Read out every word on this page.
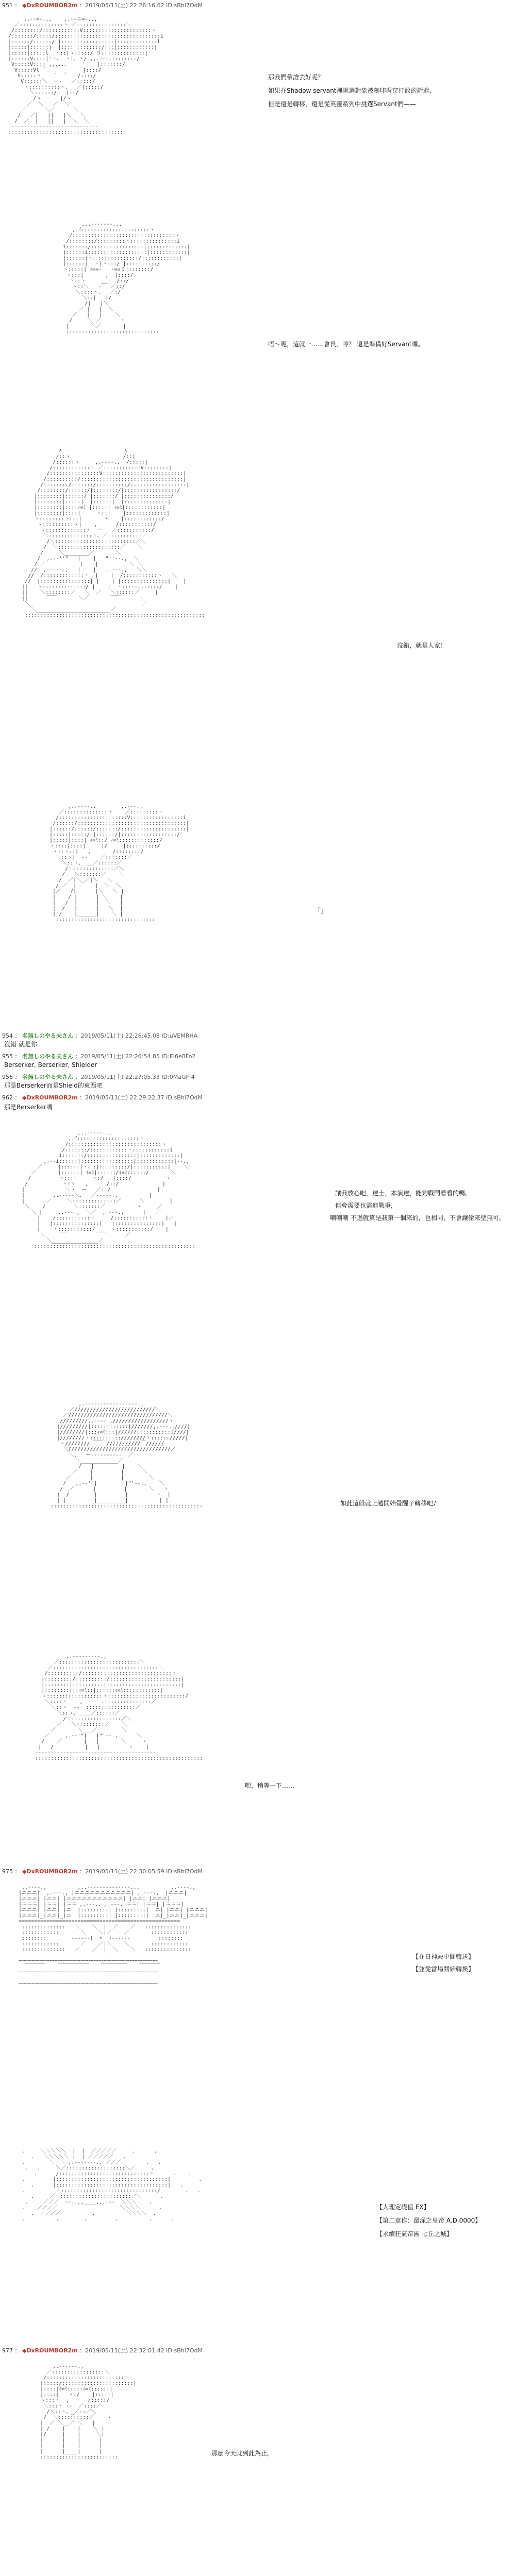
951 ： ◆DxROUMBOR2m ：2019/05/11(土) 22:26:16.62 ID:sBhl7OdM
,.--=-.,,    ,.-‐ニ=-..,
／::::::::::::::ヽ ／::::::::::::::::＼
/::::::::/::::::::::::V::::::::::::::::::::::ヽ
/:::::::/:::::/::::::|:::::::::|:::::::::::::::::i
|::::::/::::::/ |::::|:::::::::|::|:::::::::::::l
|:::::|::::::|  |::::|::::::::/|::|::::::::::::|
|:::::|:::::l  ヽ::|ヽ:::::/ リ::::::::::::::|
|::::::V::::|'ヽ、 ヽ|、ヽ/ ,,.--|:::::::::/
V:::::V:::| ,,,..、    ´ ̄   |:::::::/
V:::::Vl ´      _     |::::/
V:::::ヽ    ´  ｀   /::::/
V::::::＼  ー‐   ／:::::/
ヽ::::::::::ヽ、__／|:::::/
＼::::::/   |::/
/ヽ      |/ヽ
／  ＼   ／  ＼
／      ＼／      ＼
/   ／|   ||   |＼   ＼
/  ／  |   ||   |  ＼  ＼
----------------------------
:::::::::::::::::::::::::::::::::::::
那我們帶誰去好呢？
如果在Shadow servant裡挑選對象被刻印看穿打敗的話還，
但是還是轉移，還是從英靈系列中挑選Servant們——
,..--‐‐‐--..,
,.ｲ::::::::::::::::::::::ヽ
/:::::::::::::::::::::::::::::::::ヽ
/::::::::/:::::::::ヽ:::::::::::::::i
i:::::::/:::::::::::::::::|:::::::::::::|
|::::::i:::::::|:::::::::::|::::::::::::|
|::::::|ヽ、::|::::::::::/|:::::::::::|
|::::::|  ヽ|ヽ:::/ |::::::::::/
ヽ:::::| ｨ==‐   ‐==ミ|:::::::/
ヽ:::|       ,  |::::/
ヽ::ヽ     __   /::/
ヽ::＼   ‐   ／::/
＼::::ヽ、__／:/
＼::|   |/
/|   |＼
／ |   |  ＼
／   |   |    ＼
/     ＼ ／      ヽ
|       ＼／       |
::::::::::::::::::::::::::::::
唔～呃，這就一……會長，哼？ 還是準備好Servant囉。
∧                    ∧
/::ヽ                 /::|
/::::::ヽ     ,.-‐‐-.,  /:::::|
/::::::::::::ヽ ／::::::::::::V::::::::|
/::::::::::::::::V::::::::::::::::::::::::::|
/::::::::::/:::::::::::::::::::::::::::::::::|
/::::::::/:::::::/::::::::::/::::::::::::::::::|
/::::::::/::::::/|::::::::/|:::::::::::::::::/
|::::::::|::::::/ |:::::::/ |:::::::::::::::/
|::::::::|:::::|  |::::::|  |::::::::::::::|
|::::::::|::::ｨ=ﾐ |:::::| ｨ=ﾐ|::::::::::::|
|::::::::|::::|     ヽ::|    |:::::::::::::|
ヽ::::::::ヽ:::|       ヽ    |::::::::::::/
ヽ::::::::::ヽ|    ,      /:::::::::::/
ヽ:::::::::::::ヽ  ー   ／:::::::::::/
＼::::::::::::::ヽ、／:::::::::::／
/＼::::::::::::::::::::::::::／＼
/  ＼::::::::::::::::::::／    ＼
/     ＼________／       ＼
/  ,.-‐''"   |    |   "''‐-.,  ＼
/ ／           |    |          ＼ ＼
//  ,.-‐‐-.,   |    |   ,.-‐-.,   ＼＼
//  /:::::::::::::ヽ  |    |  /:::::::::::ヽ   ＼
//  |::::::::::::::::| |    | |:::::::::::::::|    |
||   ヽ::::::::::::::/ |    |  ヽ::::::::::::/    |
||    ＼::::::::／   ＼  ／   ＼::::::／     |
||      ￣￣       ＼／       ￣￣      |
＼                                    ／
＼________________________／
::::::::::::::::::::::::::::::::::::::::::::::::::::::::::
沒錯，就是人家！
,..-‐‐-.,        ,.-‐-.,
／::::::::::::::ヽ    ／:::::::::ヽ
/::::::::::::::::::::::V:::::::::::::::::i
/::::::/:::::::::::::::::::::::::::::::::::|
|::::::/::::::/:::::::/:::::::::::::::::::::|
|:::::|:::::/ |::::::/|::::::::::::::::::/
|:::::|::::| ｨ=ﾐ::/ ｨ=ﾐ:::::::::::::/
ヽ::::|::::|     |/     |::::::::::/
ヽ::ヽ::|   ,       /::::::::/
＼::ヽ|  ‐‐    ／:::::::／
＼::ヽ、 __／::::::／
/＼:::::::::::::／＼
/   ＼:::::::／    ＼
/  ／|＼_／|＼   ＼
/ ／  |      |  ＼  ＼
|／   /|      |＼   ＼ |
|    / |      | ＼    |
|   /  |      |  ＼   |
|  /   |      |   ＼  |
| /    |______|    ＼ |
::::::::::::::::::::::::::::::::
「」
954 ： 名無しのやる夫さん ：2019/05/11(土) 22:26:45.08 ID:uVEMRHA
沒錯 就是你
955 ： 名無しのやる夫さん ：2019/05/11(土) 22:26:54.85 ID:EI6e8Fo2
Berserker, Berserker, Shielder
956 ： 名無しのやる夫さん ：2019/05/11(土) 22:27:05.33 ID:0MaGFf4
那是Berserker而是Shield的東西吧
962 ： ◆DxROUMBOR2m ：2019/05/11(土) 22:29:22.37 ID:sBhl7OdM
那是Berserker嗎
,..-‐‐‐-..,
,.ｲ::::::::::::::::::::ヽ
/::::::::::::::::::::::::::::::ヽ
/:::::::/::::::::::::ヽ::::::::::::i
i:::::::/::::::::::::::::|:::::::::::::|
,.-‐i::::::|:::::::|:::::::::|::::::::::::|‐-.,
／     |::::::|ヽ、:|:::::::::/|:::::::::::|    ＼
／       |::::::| ｨ=ﾐ|::::::/ｨ=ﾐ::::::/       ＼
/         ヽ:::|     ヽ:/   |::::/           ヽ
/           ヽ:ヽ   ,      /::/              |
|             ＼ヽ  ー   ／::/               |
|         ,.-‐‐‐‐＼、__／‐‐‐‐-.,          |
|       ／     ＼::::::::::::::／      ＼        |
＼    /         ＼:::::::／          ヽ     ／
＼ |     ,.-‐-.,  ＼／  ,.-‐-.,      |   ／
|    /:::::::::::ヽ     /:::::::::::ヽ    |／
|   |:::::::::::::::|   |:::::::::::::::|   |
|    ヽ:::::::::::/     ヽ:::::::::::/    |
＼    ￣￣         ￣￣      ／
＼_______________／
::::::::::::::::::::::::::::::::::::::::::::::::::::
讓我放心吧，達士，本演達，能夠戰鬥看看的嗎。
但會需要也需進戰爭，
喇喇喇 不過就算是我第一個來的，也相同，不會讓偷來壁無可。
,.-‐‐‐‐‐‐‐‐‐‐‐‐‐‐‐-.,
／//////////////////////////＼
／////////////////////////////////＼
/////////,.-‐‐-.,//////////////////ヽ
|/////////|::::::::::::|///////,.-‐-.,////|
|////////|:::ｨ=ﾐ:::|//////|::::::::::|////|
|////////ヽ::::::::::////////ヽ:::::://///|
ヽ//////// ￣￣ ///////////￣//////
＼/////////////////////////////////／
＼、  ー‐‐‐‐‐‐‐‐‐‐  ／
＼____________／
/   |         |    ＼
／    |         |      ＼
／      |         |        ＼
/   ,.-‐'"|         |"'‐-.,    ＼
/  ／      |         |       ＼   ヽ
|  /        |         |         ヽ  |
| |         |_________|          | |
:::::::::::::::::::::::::::::::::::::::::::::::::	如此這般就上越開始覺醒子轉移吧♪
,.-‐‐‐‐‐‐‐-.,
／::::::::::::::::::::::::::＼
／::::::::::::::::::::::::::::::::::＼
/::::::::::/:::::::::::::::::::::::::::::ヽ
|:::::::::/::::::::::/:::::::::::::::::::::::|
|::::::::|::::::::::|::::::::::::::::::::::::|
|::::::::|::ｨ=ﾐ::|::::::ｨ=ﾐ::::::::::::|
ヽ:::::::|::::::::::ヽ:::::::::::::::::::::::::/
＼::::ヽ    ,      ::::::::::::::::／
＼::ヽ  ‐‐  ::::::::::::::::／
＼::ヽ、____／::::::／
/＼::::::::::::::::／＼
／   ＼:::::::::／    ＼
／       ＼___／        ＼
／     ,.-‐'"|   |"'‐-.,      ＼
/    ／       |   |       ＼     ヽ
|   /          |   |         ヽ    |
---------------------------------------
::::::::::::::::::::::::::::::::::::::::::::::::::::::
嗯，稍等一下……
975 ： ◆DxROUMBOR2m ：2019/05/11(土) 22:30:05.59 ID:sBhl7OdM
,.-‐‐-.,          ,..-‐‐‐‐‐‐‐‐‐‐‐‐‐..,          ,.-‐‐-.,
|ニニニ|  ,.-‐-., |ニニニニニニニニニニニ| ,.-‐-.,  |ニニニ|
|ニニニ| |ニニ| |ニニニニニニニニニニニ| |ニニ| |ニニニ|
|ニニニ| |ニニ| |ニニ ,.-‐-., ,.-‐-. ニニ| |ニニ| |ニニニ|
|ニニニ| |ニニ| |ニ  |:::::::::| |:::::::::|  ニ| |ニニ| |ニニニ|
|ニニニ|_|ニニ|_|ニ  |:::::::::| |:::::::::|  ニ|_|ニニ|_|ニニニ|
====================================================
::::::::::::::   ＼    ＼  |  ／    ／   :::::::::::::::
::::::::::::       ＼    ＼|／    ／       ::::::::::::
::::::::        ‐‐‐‐‐‐(  ☀  )‐‐‐‐‐‐         ::::::::
::::::::::::       ／    ／|＼    ＼       ::::::::::::
::::::::::::::   ／    ／  |  ＼    ＼   :::::::::::::::
____________________________________________________
ｰｰｰｰｰｰｰｰｰｰｰｰｰｰｰｰｰｰｰｰｰｰｰｰｰｰｰｰｰｰｰｰｰｰｰｰｰｰｰｰｰｰｰｰｰｰｰｰｰｰｰｰｰｰ
￣￣￣￣    ￣￣￣￣￣￣    ￣￣￣￣￣    ￣￣￣￣
ｰｰｰｰｰｰｰｰｰｰｰｰｰｰｰｰｰｰｰｰｰｰｰｰｰｰｰｰｰｰｰｰｰｰｰｰｰｰｰｰｰｰｰｰｰｰｰｰｰｰｰｰｰｰ
￣￣￣      ￣￣￣￣      ￣￣￣￣      ￣￣
ｰｰｰｰｰｰｰｰｰｰｰｰｰｰｰｰｰｰｰｰｰｰｰｰｰｰｰｰｰｰｰｰｰｰｰｰｰｰｰｰｰｰｰｰｰｰｰｰｰｰｰｰｰｰ
【在日神殿中間轉送】
【並從當場開始轉換】
.     ＼＼＼＼＼  |  |  ／／／／／     .      .
.   ＼＼＼＼＼ |  | ／／／／／   .
.        ＼＼＼ ,.-‐‐‐‐‐-., ／／／        .   .
.   .     ＼／:::::::::::::::::::＼／     .
.      /:::::::::::::::::::::::::::::ヽ      .    .
.         |::::::::::::::::::::::::::::::::::::|         .
.      |::::::::::::::::::::::::::::::::::::|   .
.          ヽ:::::::::::::::::::::::::::::::/        .   .
.     ／＼:::::::::::::::::::::::／＼      .
.     ／／／  ‐-..,,____,,..-‐  ＼＼＼    .
.    ／／／／                    ＼＼＼＼      .
.  ／／／／          .          ＼＼＼＼  .
.          .        .         .          .      .
【人理定礎值 EX】
【第二章作：最深之皇帝 A.D.0000】
【永續狂氣帝國 七丘之城】
977 ： ◆DxROUMBOR2m ：2019/05/11(土) 22:32:01.42 ID:sBhl7OdM
,.-‐‐‐‐-.,
／:::::::::::::::::＼
/:::::::::::::::::::::::::ヽ
|:::::/:::::::::::::::::::::::|
|::::|ｨ=ﾐ:::::ｨ=ﾐ::::::|
|::::|   ヽ:/    |:::::|
ヽ:::ヽ  ,      /:::::/
＼:::ヽ ‐‐  ／::::／
/＼::ヽ、_／::／＼
/  ＼::::::::::／    ヽ
|  ／ ＼__／ ＼   |
| /    |    |    ＼ |
|/     |    |     ＼|
|      |    |      |
|      |    |      |
|      |____|      |
:::::::::::::::::::::::::
那麼今天就到此為止。
